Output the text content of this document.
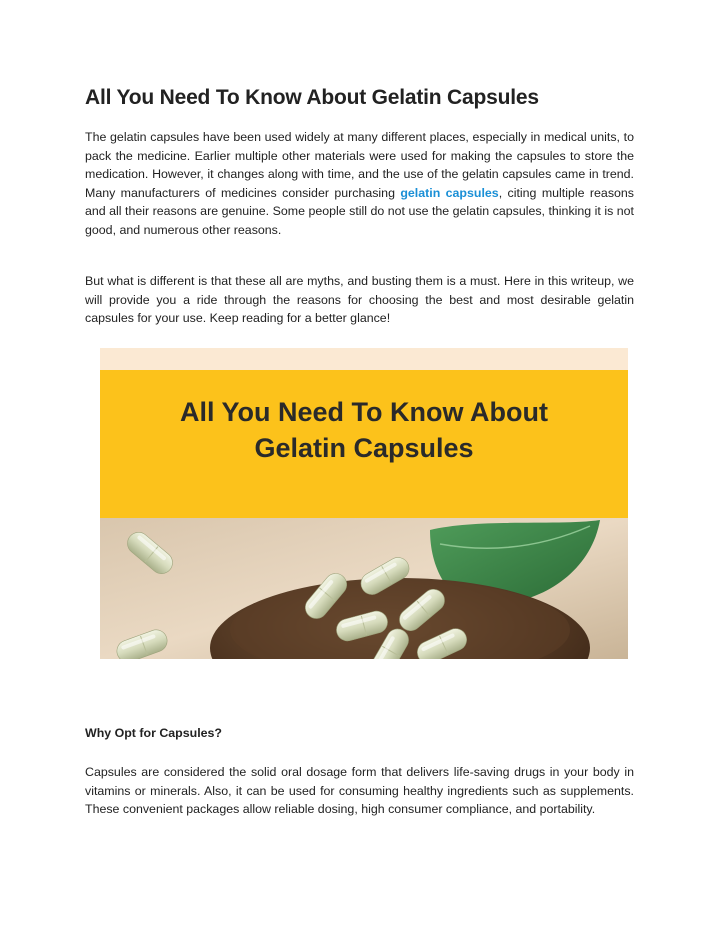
All You Need To Know About Gelatin Capsules

The gelatin capsules have been used widely at many different places, especially in medical units, to pack the medicine. Earlier multiple other materials were used for making the capsules to store the medication. However, it changes along with time, and the use of the gelatin capsules came in trend. Many manufacturers of medicines consider purchasing gelatin capsules, citing multiple reasons and all their reasons are genuine. Some people still do not use the gelatin capsules, thinking it is not good, and numerous other reasons.

But what is different is that these all are myths, and busting them is a must. Here in this writeup, we will provide you a ride through the reasons for choosing the best and most desirable gelatin capsules for your use. Keep reading for a better glance!

Why Opt for Capsules?

Capsules are considered the solid oral dosage form that delivers life-saving drugs in your body in vitamins or minerals. Also, it can be used for consuming healthy ingredients such as supplements. These convenient packages allow reliable dosing, high consumer compliance, and portability.

All You Need To Know About
Gelatin Capsules
